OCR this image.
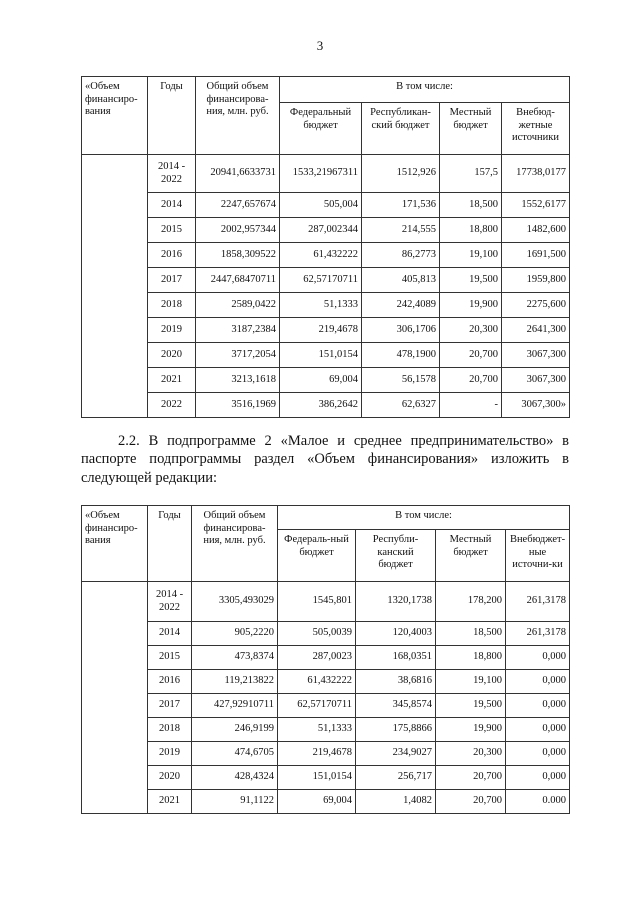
3
«Объем финансиро-вания	Годы	Общий объем финансирова-ния, млн. руб.	В том числе:			
			Федеральный бюджет	Республикан-ский бюджет	Местный бюджет	Внебюд-жетные источники
	2014 - 2022	20941,6633731	1533,21967311	1512,926	157,5	17738,0177
	2014	2247,657674	505,004	171,536	18,500	1552,6177
	2015	2002,957344	287,002344	214,555	18,800	1482,600
	2016	1858,309522	61,432222	86,2773	19,100	1691,500
	2017	2447,68470711	62,57170711	405,813	19,500	1959,800
	2018	2589,0422	51,1333	242,4089	19,900	2275,600
	2019	3187,2384	219,4678	306,1706	20,300	2641,300
	2020	3717,2054	151,0154	478,1900	20,700	3067,300
	2021	3213,1618	69,004	56,1578	20,700	3067,300
	2022	3516,1969	386,2642	62,6327	-	3067,300»

2.2. В подпрограмме 2 «Малое и среднее предпринимательство» в паспорте подпрограммы раздел «Объем финансирования» изложить в следующей редакции:

«Объем финансиро-вания	Годы	Общий объем финансирова-ния, млн. руб.	В том числе:			
			Федераль-ный бюджет	Республи-канский бюджет	Местный бюджет	Внебюджет-ные источни-ки
	2014 - 2022	3305,493029	1545,801	1320,1738	178,200	261,3178
	2014	905,2220	505,0039	120,4003	18,500	261,3178
	2015	473,8374	287,0023	168,0351	18,800	0,000
	2016	119,213822	61,432222	38,6816	19,100	0,000
	2017	427,92910711	62,57170711	345,8574	19,500	0,000
	2018	246,9199	51,1333	175,8866	19,900	0,000
	2019	474,6705	219,4678	234,9027	20,300	0,000
	2020	428,4324	151,0154	256,717	20,700	0,000
	2021	91,1122	69,004	1,4082	20,700	0.000
